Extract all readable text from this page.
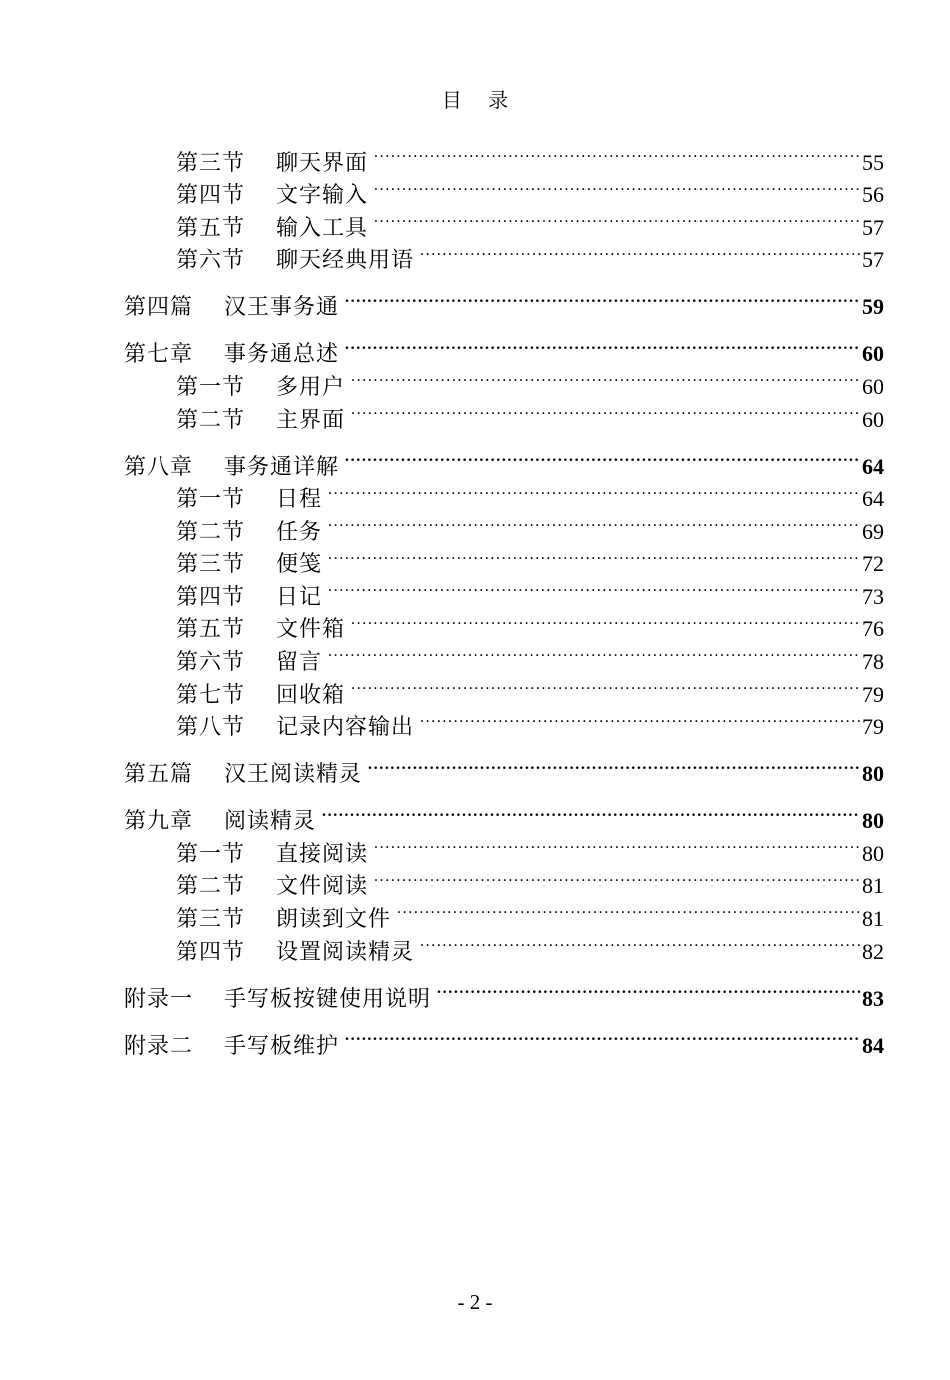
目 录
第三节	聊天界面 .....	55
第四节	文字输入 .....	56
第五节	输入工具 .....	57
第六节	聊天经典用语 .....	57
第四篇	汉王事务通 .....	59
第七章	事务通总述 .....	60
第一节	多用户 .....	60
第二节	主界面 .....	60
第八章	事务通详解 .....	64
第一节	日程 .....	64
第二节	任务 .....	69
第三节	便笺 .....	72
第四节	日记 .....	73
第五节	文件箱 .....	76
第六节	留言 .....	78
第七节	回收箱 .....	79
第八节	记录内容输出 .....	79
第五篇	汉王阅读精灵 .....	80
第九章	阅读精灵 .....	80
第一节	直接阅读 .....	80
第二节	文件阅读 .....	81
第三节	朗读到文件 .....	81
第四节	设置阅读精灵 .....	82
附录一	手写板按键使用说明 .....	83
附录二	手写板维护 .....	84
- 2 -
